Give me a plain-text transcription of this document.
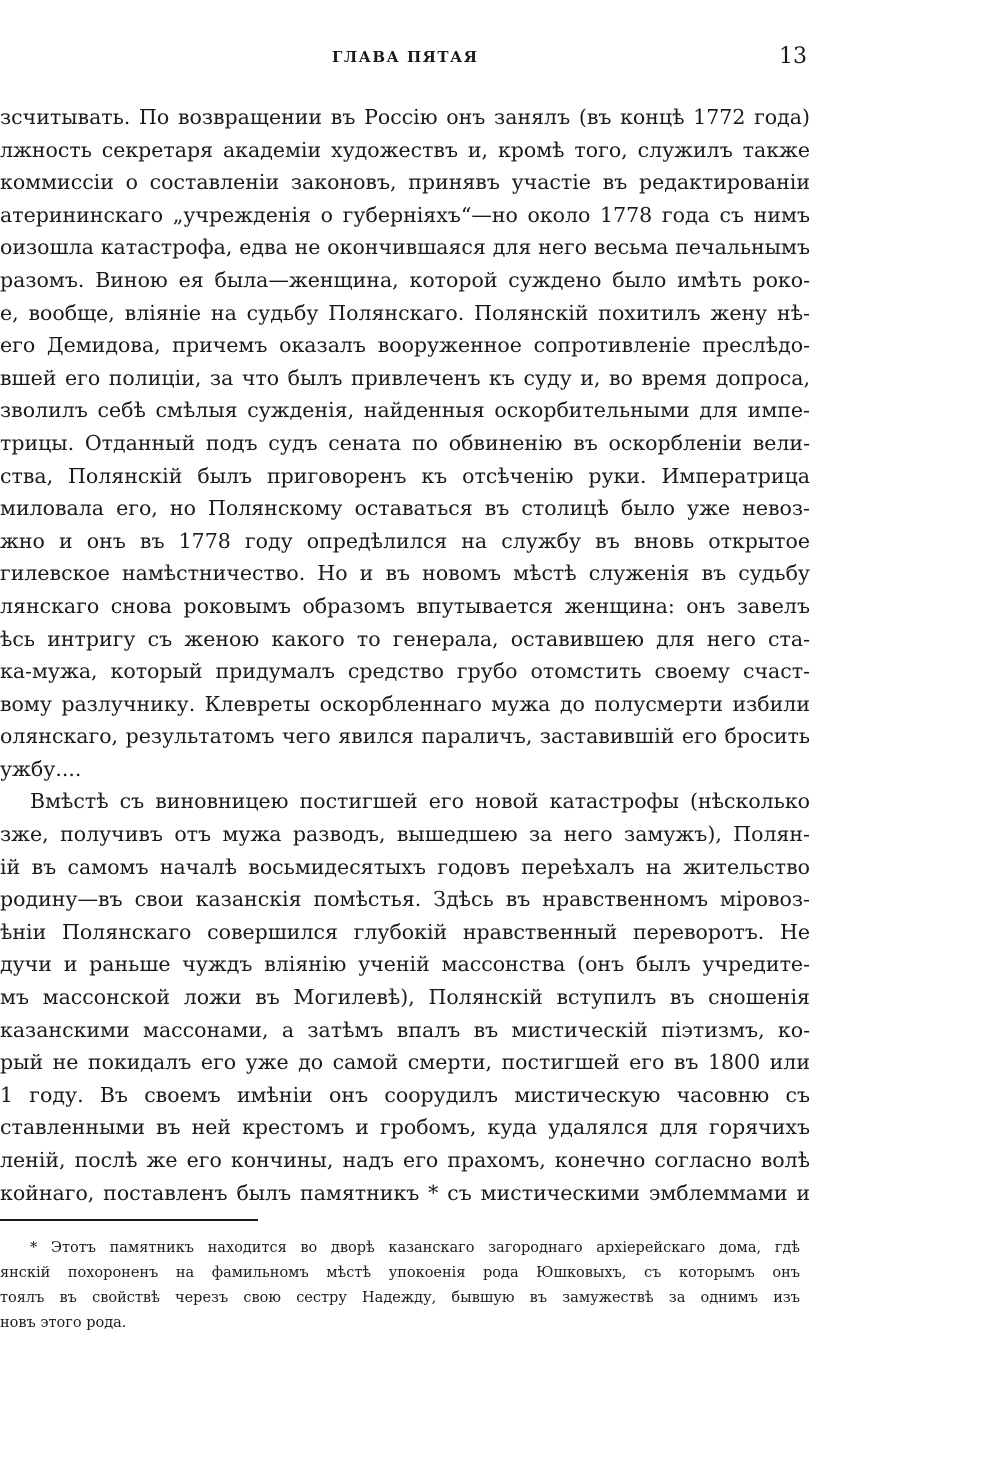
ГЛАВА ПЯТАЯ	13
зсчитывать. По возвращении въ Россію онъ занялъ (въ концѣ 1772 года)
лжность секретаря академіи художествъ и, кромѣ того, служилъ также
коммиссіи о составленіи законовъ, принявъ участіе въ редактированіи
атерининскаго „учрежденія о губерніяхъ“—но около 1778 года съ нимъ
оизошла катастрофа, едва не окончившаяся для него весьма печальнымъ
разомъ. Виною ея была—женщина, которой суждено было имѣть роко-
е, вообще, вліяніе на судьбу Полянскаго. Полянскій похитилъ жену нѣ-
его Демидова, причемъ оказалъ вооруженное сопротивленіе преслѣдо-
вшей его полиціи, за что былъ привлеченъ къ суду и, во время допроса,
зволилъ себѣ смѣлыя сужденія, найденныя оскорбительными для импе-
трицы. Отданный подъ судъ сената по обвиненію въ оскорбленіи вели-
ства, Полянскій былъ приговоренъ къ отсѣченію руки. Императрица
миловала его, но Полянскому оставаться въ столицѣ было уже невоз-
жно и онъ въ 1778 году опредѣлился на службу въ вновь открытое
гилевское намѣстничество. Но и въ новомъ мѣстѣ служенія въ судьбу
лянскаго снова роковымъ образомъ впутывается женщина: онъ завелъ
ѣсь интригу съ женою какого то генерала, оставившею для него ста-
ка-мужа, который придумалъ средство грубо отомстить своему счаст-
вому разлучнику. Клевреты оскорбленнаго мужа до полусмерти избили
олянскаго, результатомъ чего явился параличъ, заставившій его бросить
ужбу....
Вмѣстѣ съ виновницею постигшей его новой катастрофы (нѣсколько
зже, получивъ отъ мужа разводъ, вышедшею за него замужъ), Полян-
ій въ самомъ началѣ восьмидесятыхъ годовъ переѣхалъ на жительство
родину—въ свои казанскія помѣстья. Здѣсь въ нравственномъ міровоз-
ѣніи Полянскаго совершился глубокій нравственный переворотъ. Не
дучи и раньше чуждъ вліянію ученій массонства (онъ былъ учредите-
мъ массонской ложи въ Могилевѣ), Полянскій вступилъ въ сношенія
казанскими массонами, а затѣмъ впалъ въ мистическій піэтизмъ, ко-
рый не покидалъ его уже до самой смерти, постигшей его въ 1800 или
1 году. Въ своемъ имѣніи онъ соорудилъ мистическую часовню съ
ставленными въ ней крестомъ и гробомъ, куда удалялся для горячихъ
леній, послѣ же его кончины, надъ его прахомъ, конечно согласно волѣ
койнаго, поставленъ былъ памятникъ * съ мистическими эмблеммами и
* Этотъ памятникъ находится во дворѣ казанскаго загороднаго архіерейскаго дома, гдѣ
янскій похороненъ на фамильномъ мѣстѣ упокоенія рода Юшковыхъ, съ которымъ онъ
тоялъ въ свойствѣ черезъ свою сестру Надежду, бывшую въ замужествѣ за однимъ изъ
новъ этого рода.
